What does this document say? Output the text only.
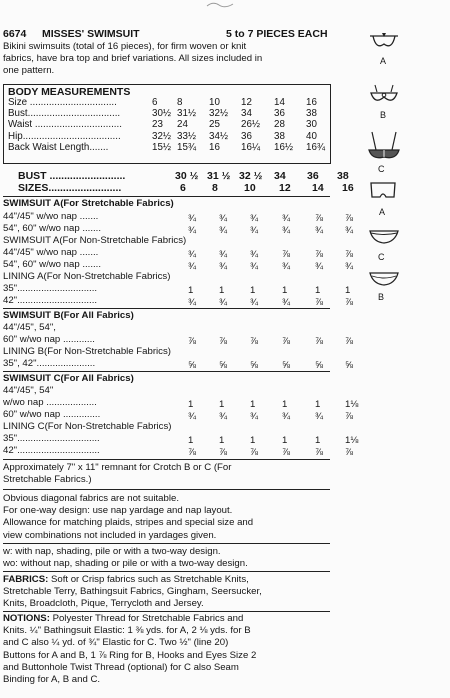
6674 MISSES' SWIMSUIT	5 to 7 PIECES EACH
Bikini swimsuits (total of 16 pieces), for firm woven or knit
fabrics, have bra top and brief variations. All sizes included in
one pattern.
BODY MEASUREMENTS
Size ................................	6 8	10 12 14 16
Bust..................................	30½ 31½ 32½ 34 36 38
Waist ................................	23 24 25 26½ 28 30
Hip....................................	32½ 33½ 34½ 36 38 40
Back Waist Length.......	15½ 15¾ 16 16¼ 16½ 16¾
BUST ..........................	30 ½ 31 ½ 32 ½ 34 36 38
SIZES.........................	6 8 10 12 14 16
SWIMSUIT A(For Stretchable Fabrics)
44"/45" w/wo nap .......	¾ ¾ ¾ ¾	⅞ ⅞
54", 60" w/wo nap .......	¾ ¾ ¾ ¾	¾ ¾
SWIMSUIT A(For Non-Stretchable Fabrics)
44"/45" w/wo nap .......	¾ ¾ ¾ ⅞	⅞ ⅞
54", 60" w/wo nap .......	¾ ¾ ¾ ¾	¾ ¾
LINING A(For Non-Stretchable Fabrics)
35"..............................	1	1	1	1	1	1
42"..............................	¾ ¾ ¾ ¾	⅞ ⅞
SWIMSUIT B(For All Fabrics)
44"/45", 54",
60" w/wo nap ............	⅞ ⅞ ⅞ ⅞	⅞ ⅞
LINING B(For Non-Stretchable Fabrics)
35", 42"......................	⅝ ⅝ ⅝ ⅝	⅝ ⅝
SWIMSUIT C(For All Fabrics)
44"/45", 54"
w/wo nap ...................	1	1	1	1	1	1⅛
60" w/wo nap ..............	¾ ¾ ¾ ¾	¾ ⅞
LINING C(For Non-Stretchable Fabrics)
35"...............................	1	1	1	1	1	1⅛
42"...............................	⅞ ⅞ ⅞ ⅞	⅞ ⅞
Approximately 7" x 11" remnant for Crotch B or C (For
Stretchable Fabrics.)
Obvious diagonal fabrics are not suitable.
For one-way design: use nap yardage and nap layout.
Allowance for matching plaids, stripes and special size and
view combinations not included in yardages given.
w: with nap, shading, pile or with a two-way design.
wo: without nap, shading or pile or with a two-way design.
FABRICS: Soft or Crisp fabrics such as Stretchable Knits,
Stretchable Terry, Bathingsuit Fabrics, Gingham, Seersucker,
Knits, Broadcloth, Pique, Terrycloth and Jersey.
NOTIONS: Polyester Thread for Stretchable Fabrics and
Knits. ¼" Bathingsuit Elastic: 1 ⅜ yds. for A, 2 ⅛ yds. for B
and C also ¼ yd. of ¾" Elastic for C. Two ½" (line 20)
Buttons for A and B, 1 ⅞ Ring for B, Hooks and Eyes Size 2
and Buttonhole Twist Thread (optional) for C also Seam
Binding for A, B and C.
A
B
C
A
C
B
